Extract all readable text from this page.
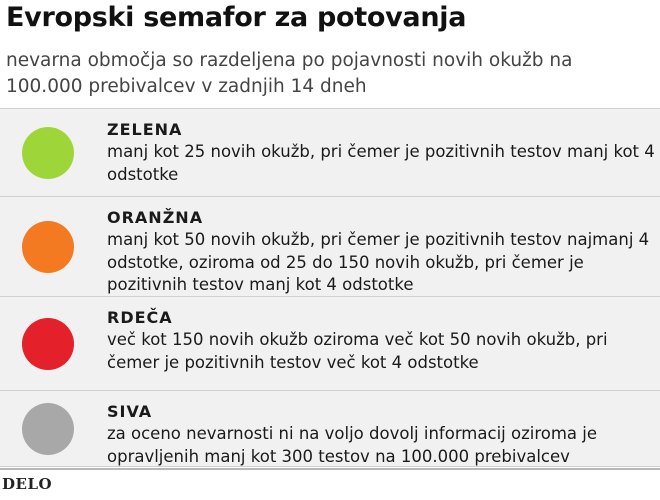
Evropski semafor za potovanja

nevarna območja so razdeljena po pojavnosti novih okužb na 100.000 prebivalcev v zadnjih 14 dneh

ZELENA
manj kot 25 novih okužb, pri čemer je pozitivnih testov manj kot 4 odstotke
ORANŽNA
manj kot 50 novih okužb, pri čemer je pozitivnih testov najmanj 4 odstotke, oziroma od 25 do 150 novih okužb, pri čemer je pozitivnih testov manj kot 4 odstotke
RDEČA
več kot 150 novih okužb oziroma več kot 50 novih okužb, pri čemer je pozitivnih testov več kot 4 odstotke
SIVA
za oceno nevarnosti ni na voljo dovolj informacij oziroma je opravljenih manj kot 300 testov na 100.000 prebivalcev
DELO
